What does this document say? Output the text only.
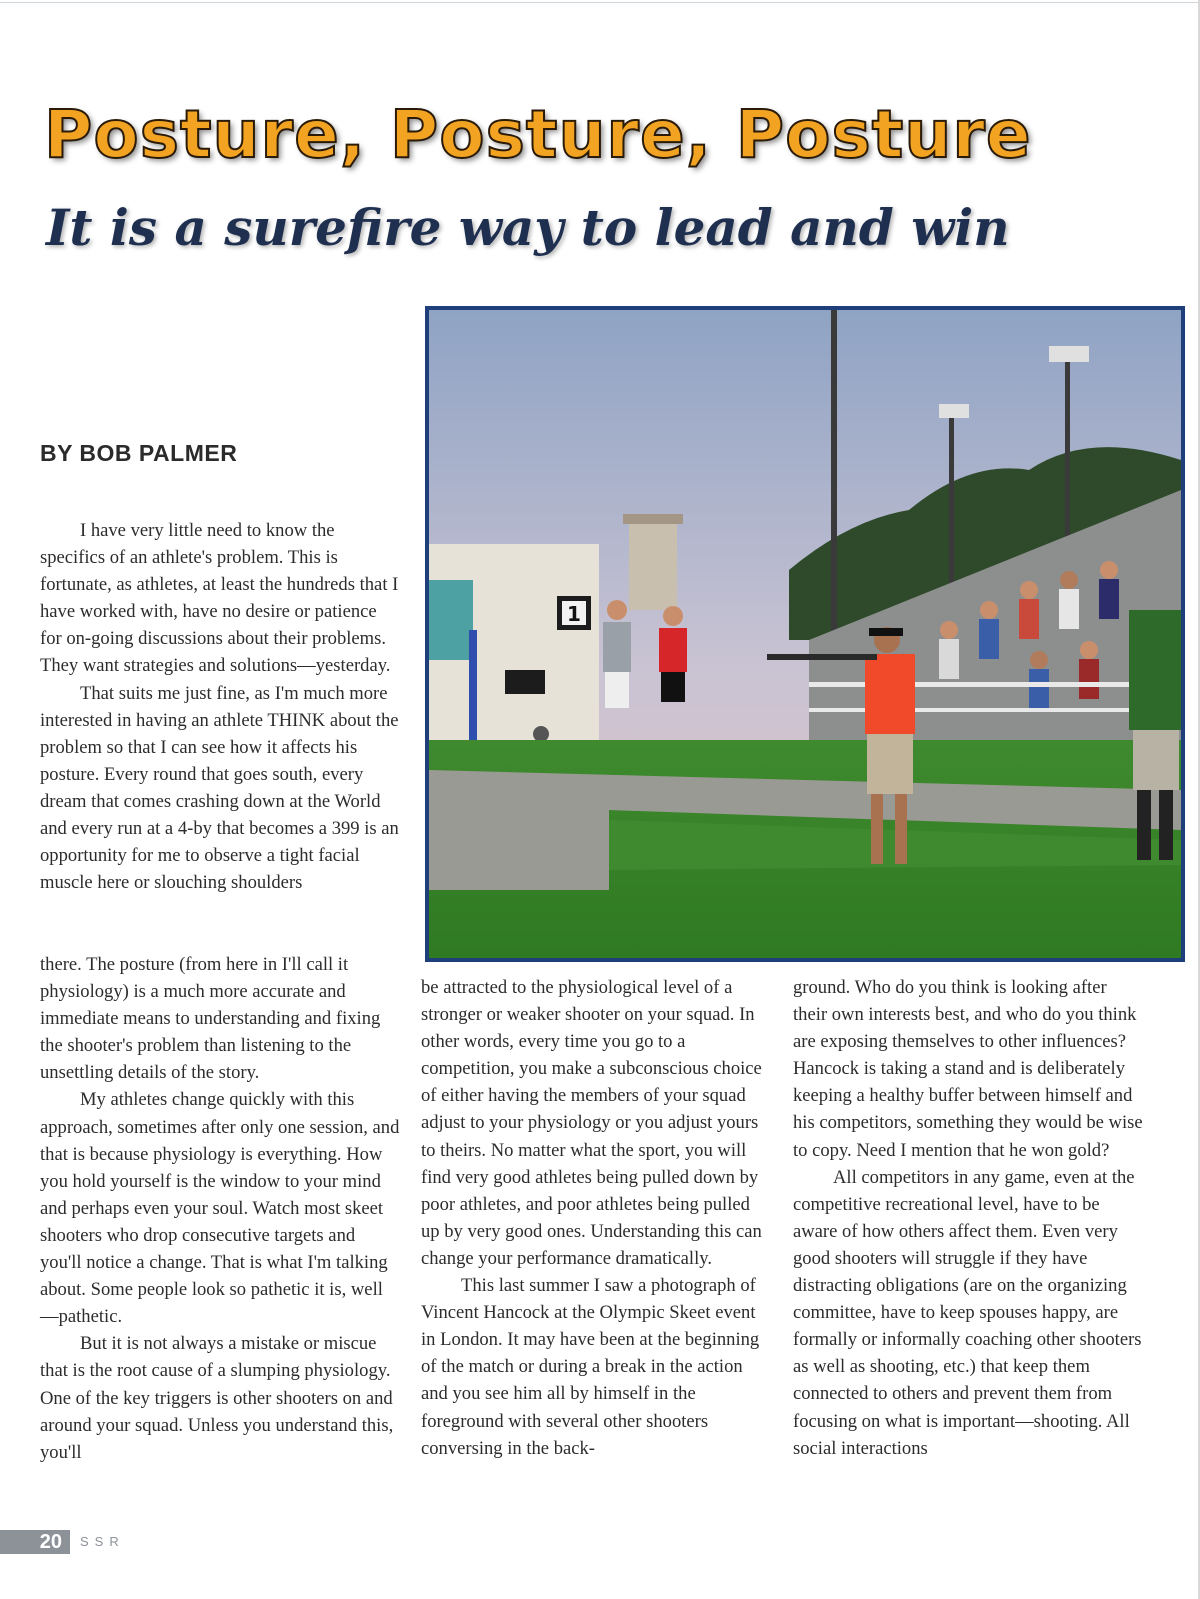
Posture, Posture, Posture
It is a surefire way to lead and win
BY BOB PALMER

I have very little need to know the specifics of an athlete's problem. This is fortunate, as athletes, at least the hundreds that I have worked with, have no desire or patience for on-going discussions about their problems. They want strategies and solutions—yesterday.

That suits me just fine, as I'm much more interested in having an athlete THINK about the problem so that I can see how it affects his posture. Every round that goes south, every dream that comes crashing down at the World and every run at a 4-by that becomes a 399 is an opportunity for me to observe a tight facial muscle here or slouching shoulders

there. The posture (from here in I'll call it physiology) is a much more accurate and immediate means to understanding and fixing the shooter's problem than listening to the unsettling details of the story.

My athletes change quickly with this approach, sometimes after only one session, and that is because physiology is everything. How you hold yourself is the window to your mind and perhaps even your soul. Watch most skeet shooters who drop consecutive targets and you'll notice a change. That is what I'm talking about. Some people look so pathetic it is, well—pathetic.

But it is not always a mistake or miscue that is the root cause of a slumping physiology. One of the key triggers is other shooters on and around your squad. Unless you understand this, you'll

be attracted to the physiological level of a stronger or weaker shooter on your squad. In other words, every time you go to a competition, you make a subconscious choice of either having the members of your squad adjust to your physiology or you adjust yours to theirs. No matter what the sport, you will find very good athletes being pulled down by poor athletes, and poor athletes being pulled up by very good ones. Understanding this can change your performance dramatically.

This last summer I saw a photograph of Vincent Hancock at the Olympic Skeet event in London. It may have been at the beginning of the match or during a break in the action and you see him all by himself in the foreground with several other shooters conversing in the back-

ground. Who do you think is looking after their own interests best, and who do you think are exposing themselves to other influences? Hancock is taking a stand and is deliberately keeping a healthy buffer between himself and his competitors, something they would be wise to copy. Need I mention that he won gold?

All competitors in any game, even at the competitive recreational level, have to be aware of how others affect them. Even very good shooters will struggle if they have distracting obligations (are on the organizing committee, have to keep spouses happy, are formally or informally coaching other shooters as well as shooting, etc.) that keep them connected to others and prevent them from focusing on what is important—shooting. All social interactions

1
20	SSR
